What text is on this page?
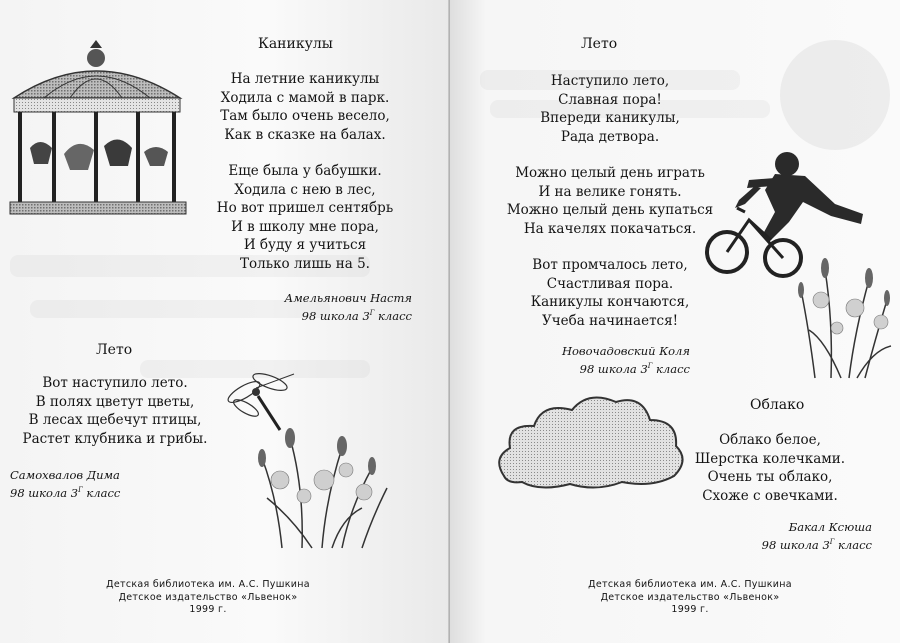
Каникулы
На летние каникулы
Ходила с мамой в парк.
Там было очень весело,
Как в сказке на балах.
Еще была у бабушки.
Ходила с нею в лес,
Но вот пришел сентябрь
И в школу мне пора,
И буду я учиться
Только лишь на 5.
Амельянович Настя
98 школа $3^Г$ класс
Лето
Вот наступило лето.
В полях цветут цветы,
В лесах щебечут птицы,
Растет клубника и грибы.
Самохвалов Дима
98 школа $3^Г$ класс
Детская библиотека им. А.С. Пушкина
Детское издательство «Львенок»
1999 г.
Лето
Наступило лето,
Славная пора!
Впереди каникулы,
Рада детвора.
Можно целый день играть
И на велике гонять.
Можно целый день купаться
На качелях покачаться.
Вот промчалось лето,
Счастливая пора.
Каникулы кончаются,
Учеба начинается!
Новочадовский Коля
98 школа $3^Г$ класс
Облако
Облако белое,
Шерстка колечками.
Очень ты облако,
Схоже с овечками.
Бакал Ксюша
98 школа $3^Г$ класс
Детская библиотека им. А.С. Пушкина
Детское издательство «Львенок»
1999 г.
